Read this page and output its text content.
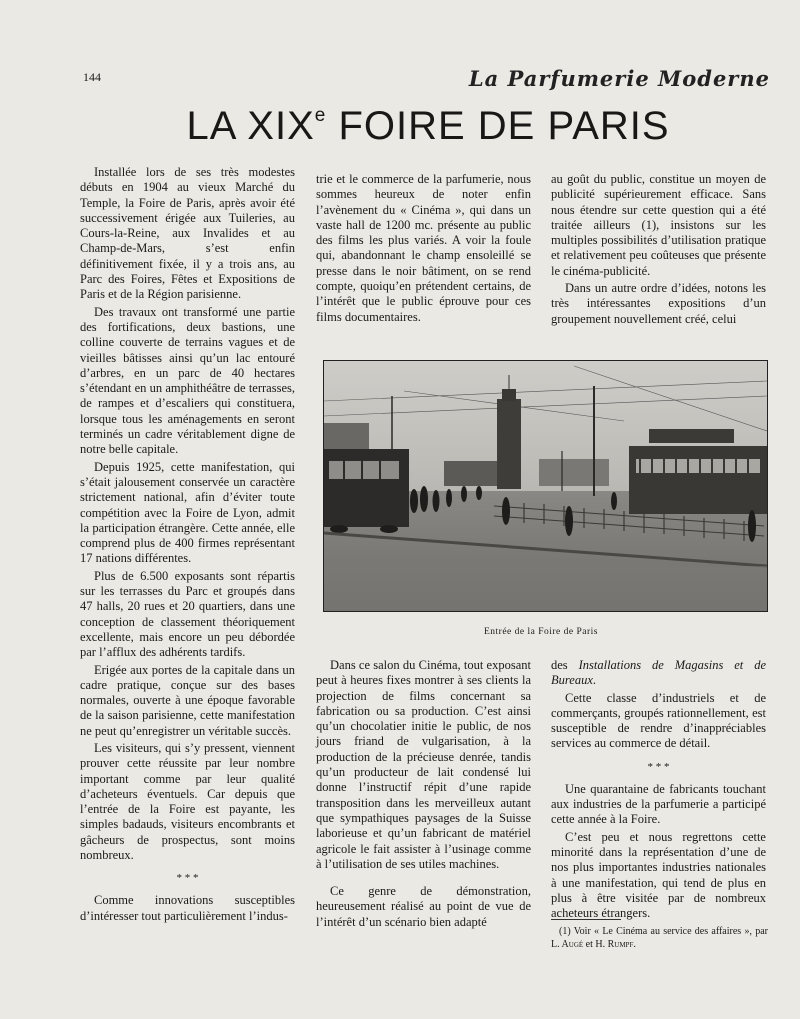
144	La Parfumerie Moderne
LA XIXe FOIRE DE PARIS

Installée lors de ses très modestes débuts en 1904 au vieux Marché du Temple, la Foire de Paris, après avoir été successivement érigée aux Tuileries, au Cours-la-Reine, aux Invalides et au Champ-de-Mars, s’est enfin définitivement fixée, il y a trois ans, au Parc des Foires, Fêtes et Expositions de Paris et de la Région parisienne.

Des travaux ont transformé une partie des fortifications, deux bastions, une colline couverte de terrains vagues et de vieilles bâtisses ainsi qu’un lac entouré d’arbres, en un parc de 40 hectares s’étendant en un amphithéâtre de terrasses, de rampes et d’escaliers qui constituera, lorsque tous les aménagements en seront terminés un cadre véritablement digne de notre belle capitale.

Depuis 1925, cette manifestation, qui s’était jalousement conservée un caractère strictement national, afin d’éviter toute compétition avec la Foire de Lyon, admit la participation étrangère. Cette année, elle comprend plus de 400 firmes représentant 17 nations différentes.

Plus de 6.500 exposants sont répartis sur les terrasses du Parc et groupés dans 47 halls, 20 rues et 20 quartiers, dans une conception de classement théoriquement excellente, mais encore un peu débordée par l’afflux des adhérents tardifs.

Erigée aux portes de la capitale dans un cadre pratique, conçue sur des bases normales, ouverte à une époque favorable de la saison parisienne, cette manifestation ne peut qu’enregistrer un véritable succès.

Les visiteurs, qui s’y pressent, viennent prouver cette réussite par leur nombre important comme par leur qualité d’acheteurs éventuels. Car depuis que l’entrée de la Foire est payante, les simples badauds, visiteurs encombrants et gâcheurs de prospectus, sont moins nombreux.

* * *

Comme innovations susceptibles d’intéresser tout particulièrement l’indus-

trie et le commerce de la parfumerie, nous sommes heureux de noter enfin l’avènement du « Cinéma », qui dans un vaste hall de 1200 mc. présente au public des films les plus variés. A voir la foule qui, abandonnant le champ ensoleillé se presse dans le noir bâtiment, on se rend compte, quoiqu’en prétendent certains, de l’intérêt que le public éprouve pour ces films documentaires.

au goût du public, constitue un moyen de publicité supérieurement efficace. Sans nous étendre sur cette question qui a été traitée ailleurs (1), insistons sur les multiples possibilités d’utilisation pratique et relativement peu coûteuses que présente le cinéma-publicité.

Dans un autre ordre d’idées, notons les très intéressantes expositions d’un groupement nouvellement créé, celui

Entrée de la Foire de Paris

Dans ce salon du Cinéma, tout exposant peut à heures fixes montrer à ses clients la projection de films concernant sa fabrication ou sa production. C’est ainsi qu’un chocolatier initie le public, de nos jours friand de vulgarisation, à la production de la précieuse denrée, tandis qu’un producteur de lait condensé lui donne l’instructif répit d’une rapide transposition dans les merveilleux autant que sympathiques paysages de la Suisse laborieuse et qu’un fabricant de matériel agricole le fait assister à l’usinage comme à l’utilisation de ses utiles machines.

Ce genre de démonstration, heureusement réalisé au point de vue de l’intérêt d’un scénario bien adapté

des Installations de Magasins et de Bureaux.

Cette classe d’industriels et de commerçants, groupés rationnellement, est susceptible de rendre d’inappréciables services au commerce de détail.

* * *

Une quarantaine de fabricants touchant aux industries de la parfumerie a participé cette année à la Foire.

C’est peu et nous regrettons cette minorité dans la représentation d’une de nos plus importantes industries nationales à une manifestation, qui tend de plus en plus à être visitée par de nombreux acheteurs étrangers.

(1) Voir « Le Cinéma au service des affaires », par L. Augé et H. Rumpf.
